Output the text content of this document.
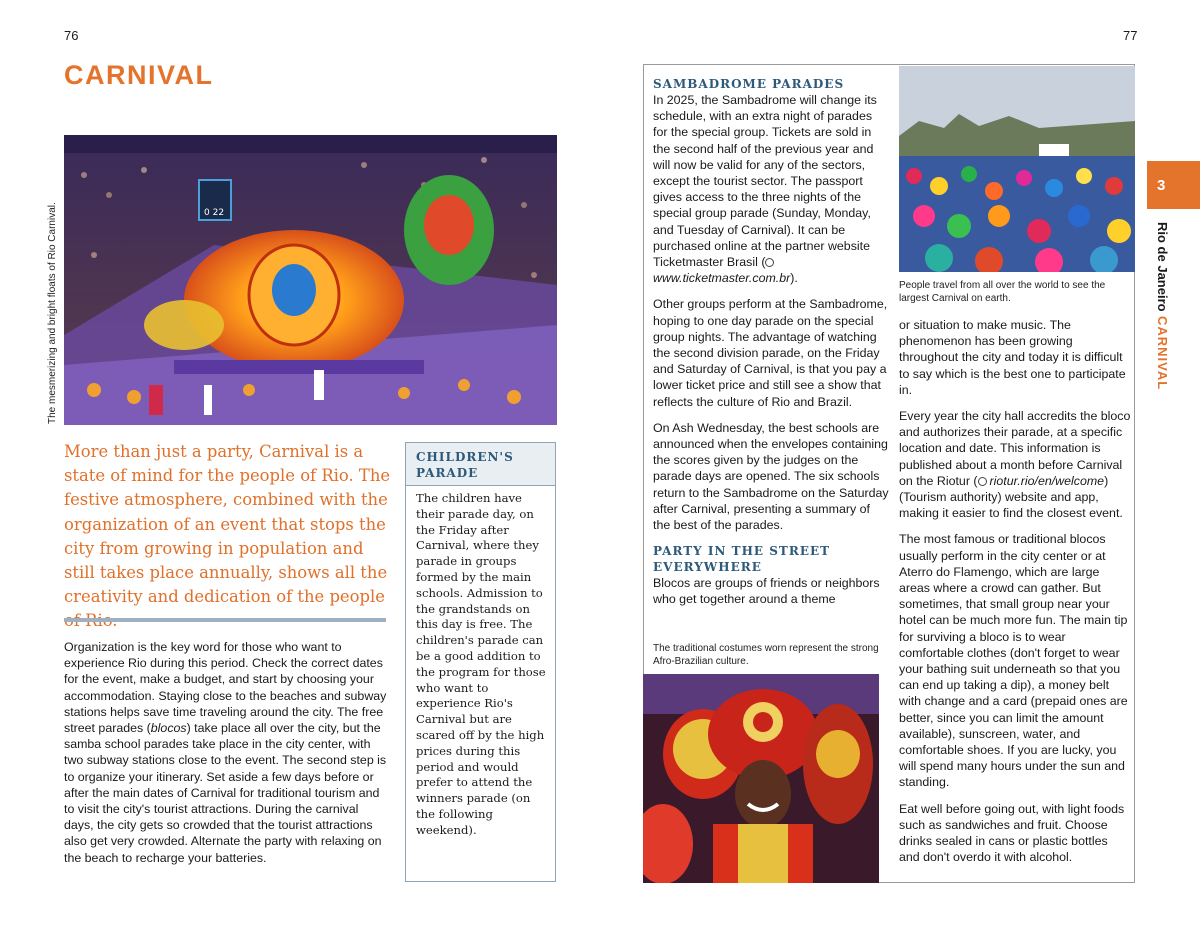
76	77
CARNIVAL
0 22
The mesmerizing and bright floats of Rio Carnival.

More than just a party, Carnival is a state of mind for the people of Rio. The festive atmosphere, combined with the organization of an event that stops the city from growing in population and still takes place annually, shows all the creativity and dedication of the people

Organization is the key word for those who want to experience Rio during this period. Check the correct dates for the event, make a budget, and start by choosing your accommodation. Staying close to the beaches and subway stations helps save time traveling around the city. The free street parades (blocos) take place all over the city, but the samba school parades take place in the city center, with two subway stations close to the event. The second step is to organize your itinerary. Set aside a few days before or after the main dates of Carnival for traditional tourism and to visit the city's tourist attractions. During the carnival days, the city gets so crowded that the tourist attractions also get very crowded. Alternate the party with relaxing on the beach to recharge your batteries.

CHILDREN'S PARADE
The children have their parade day, on the Friday after Carnival, where they parade in groups formed by the main schools. Admission to the grandstands on this day is free. The children's parade can be a good addition to the program for those who want to experience Rio's Carnival but are scared off by the high prices during this period and would prefer to attend the winners parade (on the following weekend).
SAMBADROME PARADES

In 2025, the Sambadrome will change its schedule, with an extra night of parades for the special group. Tickets are sold in the second half of the previous year and will now be valid for any of the sectors, except the tourist sector. The passport gives access to the three nights of the special group parade (Sunday, Monday, and Tuesday of Carnival). It can be purchased online at the partner website Ticketmaster Brasil (www.ticketmaster.com.br).

Other groups perform at the Sambadrome, hoping to one day parade on the special group nights. The advantage of watching the second division parade, on the Friday and Saturday of Carnival, is that you pay a lower ticket price and still see a show that reflects the culture of Rio and Brazil.

On Ash Wednesday, the best schools are announced when the envelopes containing the scores given by the judges on the parade days are opened. The six schools return to the Sambadrome on the Saturday after Carnival, presenting a summary of the best of the parades.

PARTY IN THE STREET EVERYWHERE

Blocos are groups of friends or neighbors who get together around a theme

People travel from all over the world to see the largest Carnival on earth.
The traditional costumes worn represent the strong Afro-Brazilian culture.

or situation to make music. The phenomenon has been growing throughout the city and today it is difficult to say which is the best one to participate in.

Every year the city hall accredits the bloco and authorizes their parade, at a specific location and date. This information is published about a month before Carnival on the Riotur ( riotur.rio/en/welcome)(Tourism authority) website and app, making it easier to find the closest event.

The most famous or traditional blocos usually perform in the city center or at Aterro do Flamengo, which are large areas where a crowd can gather. But sometimes, that small group near your hotel can be much more fun. The main tip for surviving a bloco is to wear comfortable clothes (don't forget to wear your bathing suit underneath so that you can end up taking a dip), a money belt with change and a card (prepaid ones are better, since you can limit the amount available), sunscreen, water, and comfortable shoes. If you are lucky, you will spend many hours under the sun and standing.

Eat well before going out, with light foods such as sandwiches and fruit. Choose drinks sealed in cans or plastic bottles and don't overdo it with alcohol.

3
Rio de Janeiro
CARNIVAL
